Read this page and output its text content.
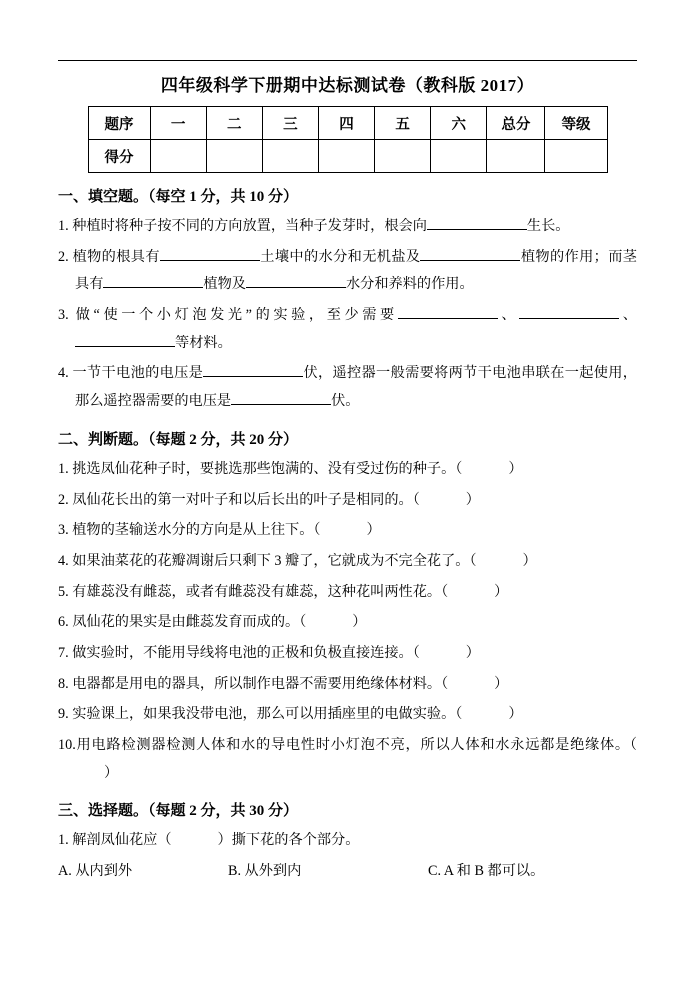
四年级科学下册期中达标测试卷（教科版 2017）
题序	一	二	三	四	五	六	总分	等级
得分								
一、填空题。（每空 1 分，共 10 分）
1. 种植时将种子按不同的方向放置，当种子发芽时，根会向	生长。
2. 植物的根具有	土壤中的水分和无机盐及	植物的作用；而茎具有	植物及	水分和养料的作用。
3. 做“使一个小灯泡发光”的实验，至少需要	、	、等材料。
4. 一节干电池的电压是	伏，遥控器一般需要将两节干电池串联在一起使用，那么遥控器需要的电压是	伏。
二、判断题。（每题 2 分，共 20 分）
1. 挑选凤仙花种子时，要挑选那些饱满的、没有受过伤的种子。（	）
2. 凤仙花长出的第一对叶子和以后长出的叶子是相同的。（	）
3. 植物的茎输送水分的方向是从上往下。（	）
4. 如果油菜花的花瓣凋谢后只剩下 3 瓣了，它就成为不完全花了。（	）
5. 有雄蕊没有雌蕊，或者有雌蕊没有雄蕊，这种花叫两性花。（	）
6. 凤仙花的果实是由雌蕊发育而成的。（	）
7. 做实验时，不能用导线将电池的正极和负极直接连接。（	）
8. 电器都是用电的器具，所以制作电器不需要用绝缘体材料。（	）
9. 实验课上，如果我没带电池，那么可以用插座里的电做实验。（	）
10.用电路检测器检测人体和水的导电性时小灯泡不亮，所以人体和水永远都是绝缘体。（）
三、选择题。（每题 2 分，共 30 分）
1. 解剖凤仙花应（	）撕下花的各个部分。
A. 从内到外	B. 从外到内	C. A 和 B 都可以。
